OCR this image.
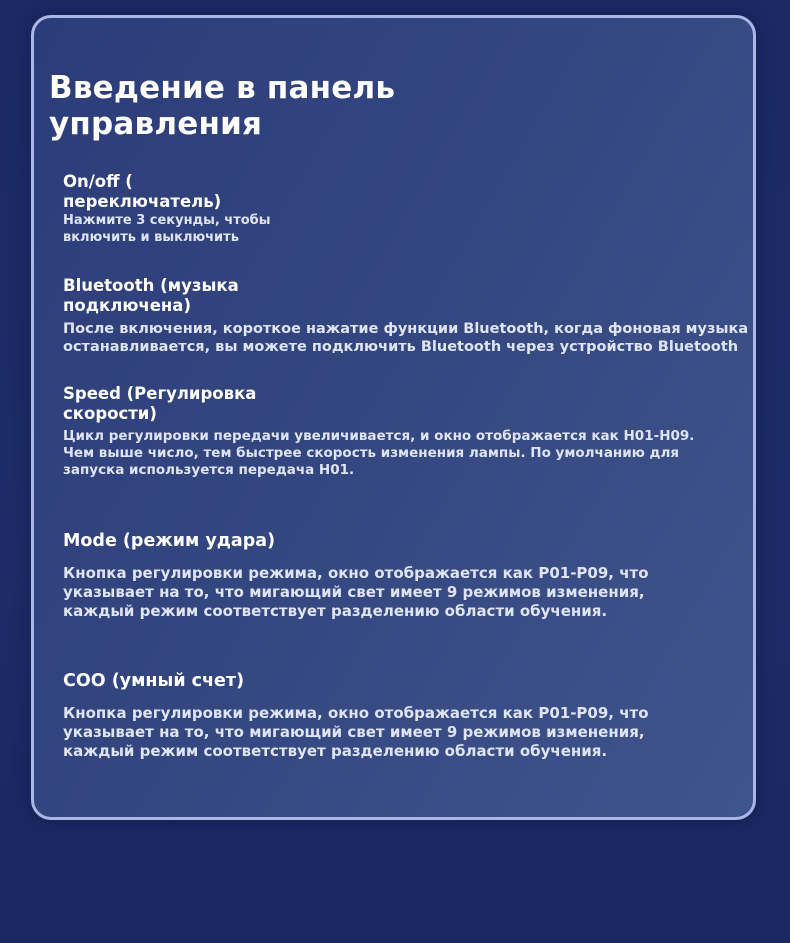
Введение в панель управления
On/off ( переключатель)
Нажмите 3 секунды, чтобы включить и выключить
Bluetooth (музыка подключена)
После включения, короткое нажатие функции Bluetooth, когда фоновая музыка останавливается, вы можете подключить Bluetooth через устройство Bluetooth
Speed (Регулировка скорости)
Цикл регулировки передачи увеличивается, и окно отображается как H01-H09. Чем выше число, тем быстрее скорость изменения лампы. По умолчанию для запуска используется передача H01.
Mode (режим удара)
Кнопка регулировки режима, окно отображается как P01-P09, что указывает на то, что мигающий свет имеет 9 режимов изменения, каждый режим соответствует разделению области обучения.
COO (умный счет)
Кнопка регулировки режима, окно отображается как P01-P09, что указывает на то, что мигающий свет имеет 9 режимов изменения, каждый режим соответствует разделению области обучения.
